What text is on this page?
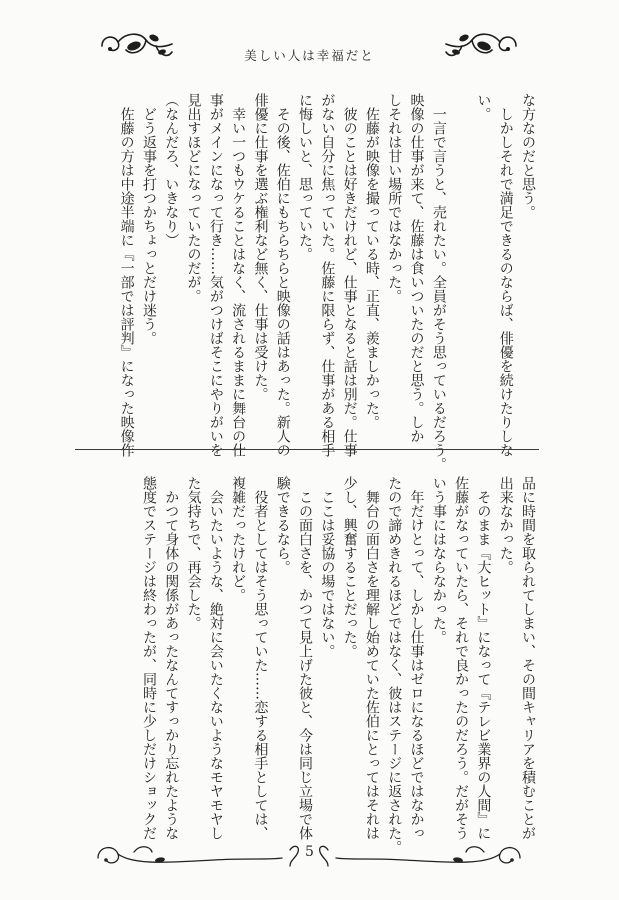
美しい人は幸福だと
な方なのだと思う。
　しかしそれで満足できるのならば、俳優を続けたりしな
い。

　一言で言うと、売れたい。全員がそう思っているだろう。
映像の仕事が来て、佐藤は食いついたのだと思う。しか
しそれは甘い場所ではなかった。
　佐藤が映像を撮っている時、正直、羨ましかった。
　彼のことは好きだけれど、仕事となると話は別だ。仕事
がない自分に焦っていた。佐藤に限らず、仕事がある相手
に悔しいと、思っていた。
　その後、佐伯にもちらちらと映像の話はあった。新人の
俳優に仕事を選ぶ権利など無く、仕事は受けた。
　幸い一つもウケることはなく、流されるままに舞台の仕
事がメインになって行き……気がつけばそこにやりがいを
見出すほどになっていたのだが。
（なんだろ、いきなり）
　どう返事を打つかちょっとだけ迷う。
　佐藤の方は中途半端に『一部では評判』になった映像作
品に時間を取られてしまい、その間キャリアを積むことが
出来なかった。
　そのまま『大ヒット』になって『テレビ業界の人間』に
佐藤がなっていたら、それで良かったのだろう。だがそう
いう事にはならなかった。
　年だけとって、しかし仕事はゼロになるほどではなかっ
たので諦めきれるほどではなく、彼はステージに返された。
　舞台の面白さを理解し始めていた佐伯にとってはそれは
少し、興奮することだった。
　ここは妥協の場ではない。
　この面白さを、かつて見上げた彼と、今は同じ立場で体
験できるなら。
　役者としてはそう思っていた……恋する相手としては、
複雑だったけれど。
　会いたいような、絶対に会いたくないようなモヤモヤし
た気持ちで、再会した。
　かつて身体の関係があったなんてすっかり忘れたような
態度でステージは終わったが、同時に少しだけショックだ
5
